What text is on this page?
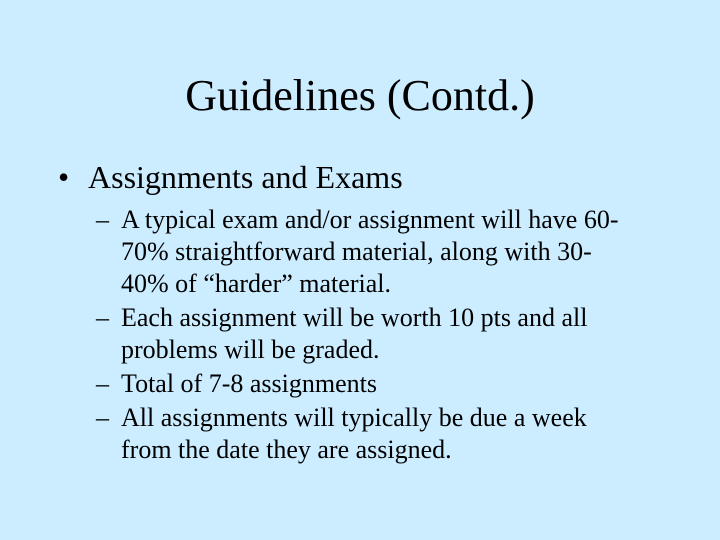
Guidelines (Contd.)
• Assignments and Exams
– A typical exam and/or assignment will have 60-
70% straightforward material, along with 30-
40% of “harder” material.
– Each assignment will be worth 10 pts and all
problems will be graded.
– Total of 7-8 assignments
– All assignments will typically be due a week
from the date they are assigned.
